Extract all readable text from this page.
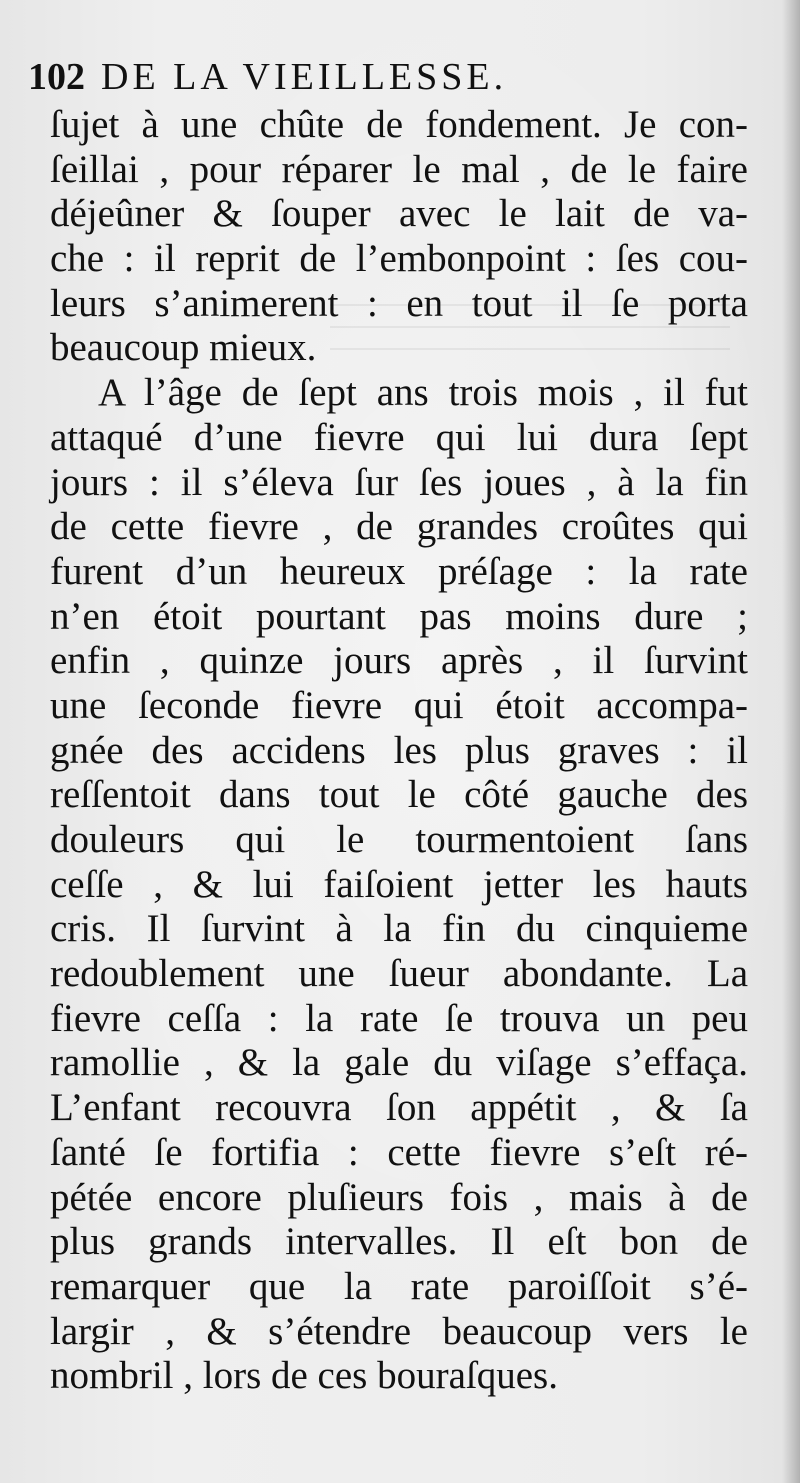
102 DE LA VIEILLESSE.
ſujet à une chûte de fondement. Je con-
ſeillai , pour réparer le mal , de le faire
déjeûner & ſouper avec le lait de va-
che : il reprit de l’embonpoint : ſes cou-
leurs s’animerent : en tout il ſe porta
beaucoup mieux.
A l’âge de ſept ans trois mois , il fut
attaqué d’une fievre qui lui dura ſept
jours : il s’éleva ſur ſes joues , à la fin
de cette fievre , de grandes croûtes qui
furent d’un heureux préſage : la rate
n’en étoit pourtant pas moins dure ;
enfin , quinze jours après , il ſurvint
une ſeconde fievre qui étoit accompa-
gnée des accidens les plus graves : il
reſſentoit dans tout le côté gauche des
douleurs qui le tourmentoient ſans
ceſſe , & lui faiſoient jetter les hauts
cris. Il ſurvint à la fin du cinquieme
redoublement une ſueur abondante. La
fievre ceſſa : la rate ſe trouva un peu
ramollie , & la gale du viſage s’effaça.
L’enfant recouvra ſon appétit , & ſa
ſanté ſe fortifia : cette fievre s’eſt ré-
pétée encore pluſieurs fois , mais à de
plus grands intervalles. Il eſt bon de
remarquer que la rate paroiſſoit s’é-
largir , & s’étendre beaucoup vers le
nombril , lors de ces bouraſques.
